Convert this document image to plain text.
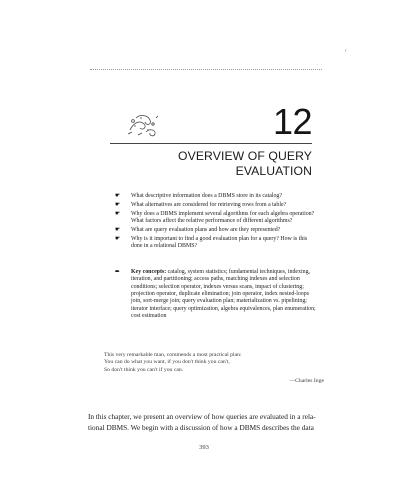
r
·
12
OVERVIEW OF QUERY
EVALUATION
☛ What descriptive information does a DBMS store in its catalog?
☛ What alternatives are considered for retrieving rows from a table?
☛ Why does a DBMS implement several algorithms for each algebra operation? What factors affect the relative performance of different algorithms?
☛ What are query evaluation plans and how are they represented?
☛ Why is it important to find a good evaluation plan for a query? How is this done in a relational DBMS?
➨ Key concepts: catalog, system statistics; fundamental techniques, indexing, iteration, and partitioning; access paths, matching indexes and selection conditions; selection operator, indexes versus scans, impact of clustering; projection operator, duplicate elimination; join operator, index nested-loops join, sort-merge join; query evaluation plan; materialization vs. pipelining; iterator interface; query optimization, algebra equivalences, plan enumeration; cost estimation
This very remarkable man, commends a most practical plan:
You can do what you want, if you don't think you can't,
So don't think you can't if you can.
—Charles Inge
In this chapter, we present an overview of how queries are evaluated in a rela-
tional DBMS. We begin with a discussion of how a DBMS describes the data
393
